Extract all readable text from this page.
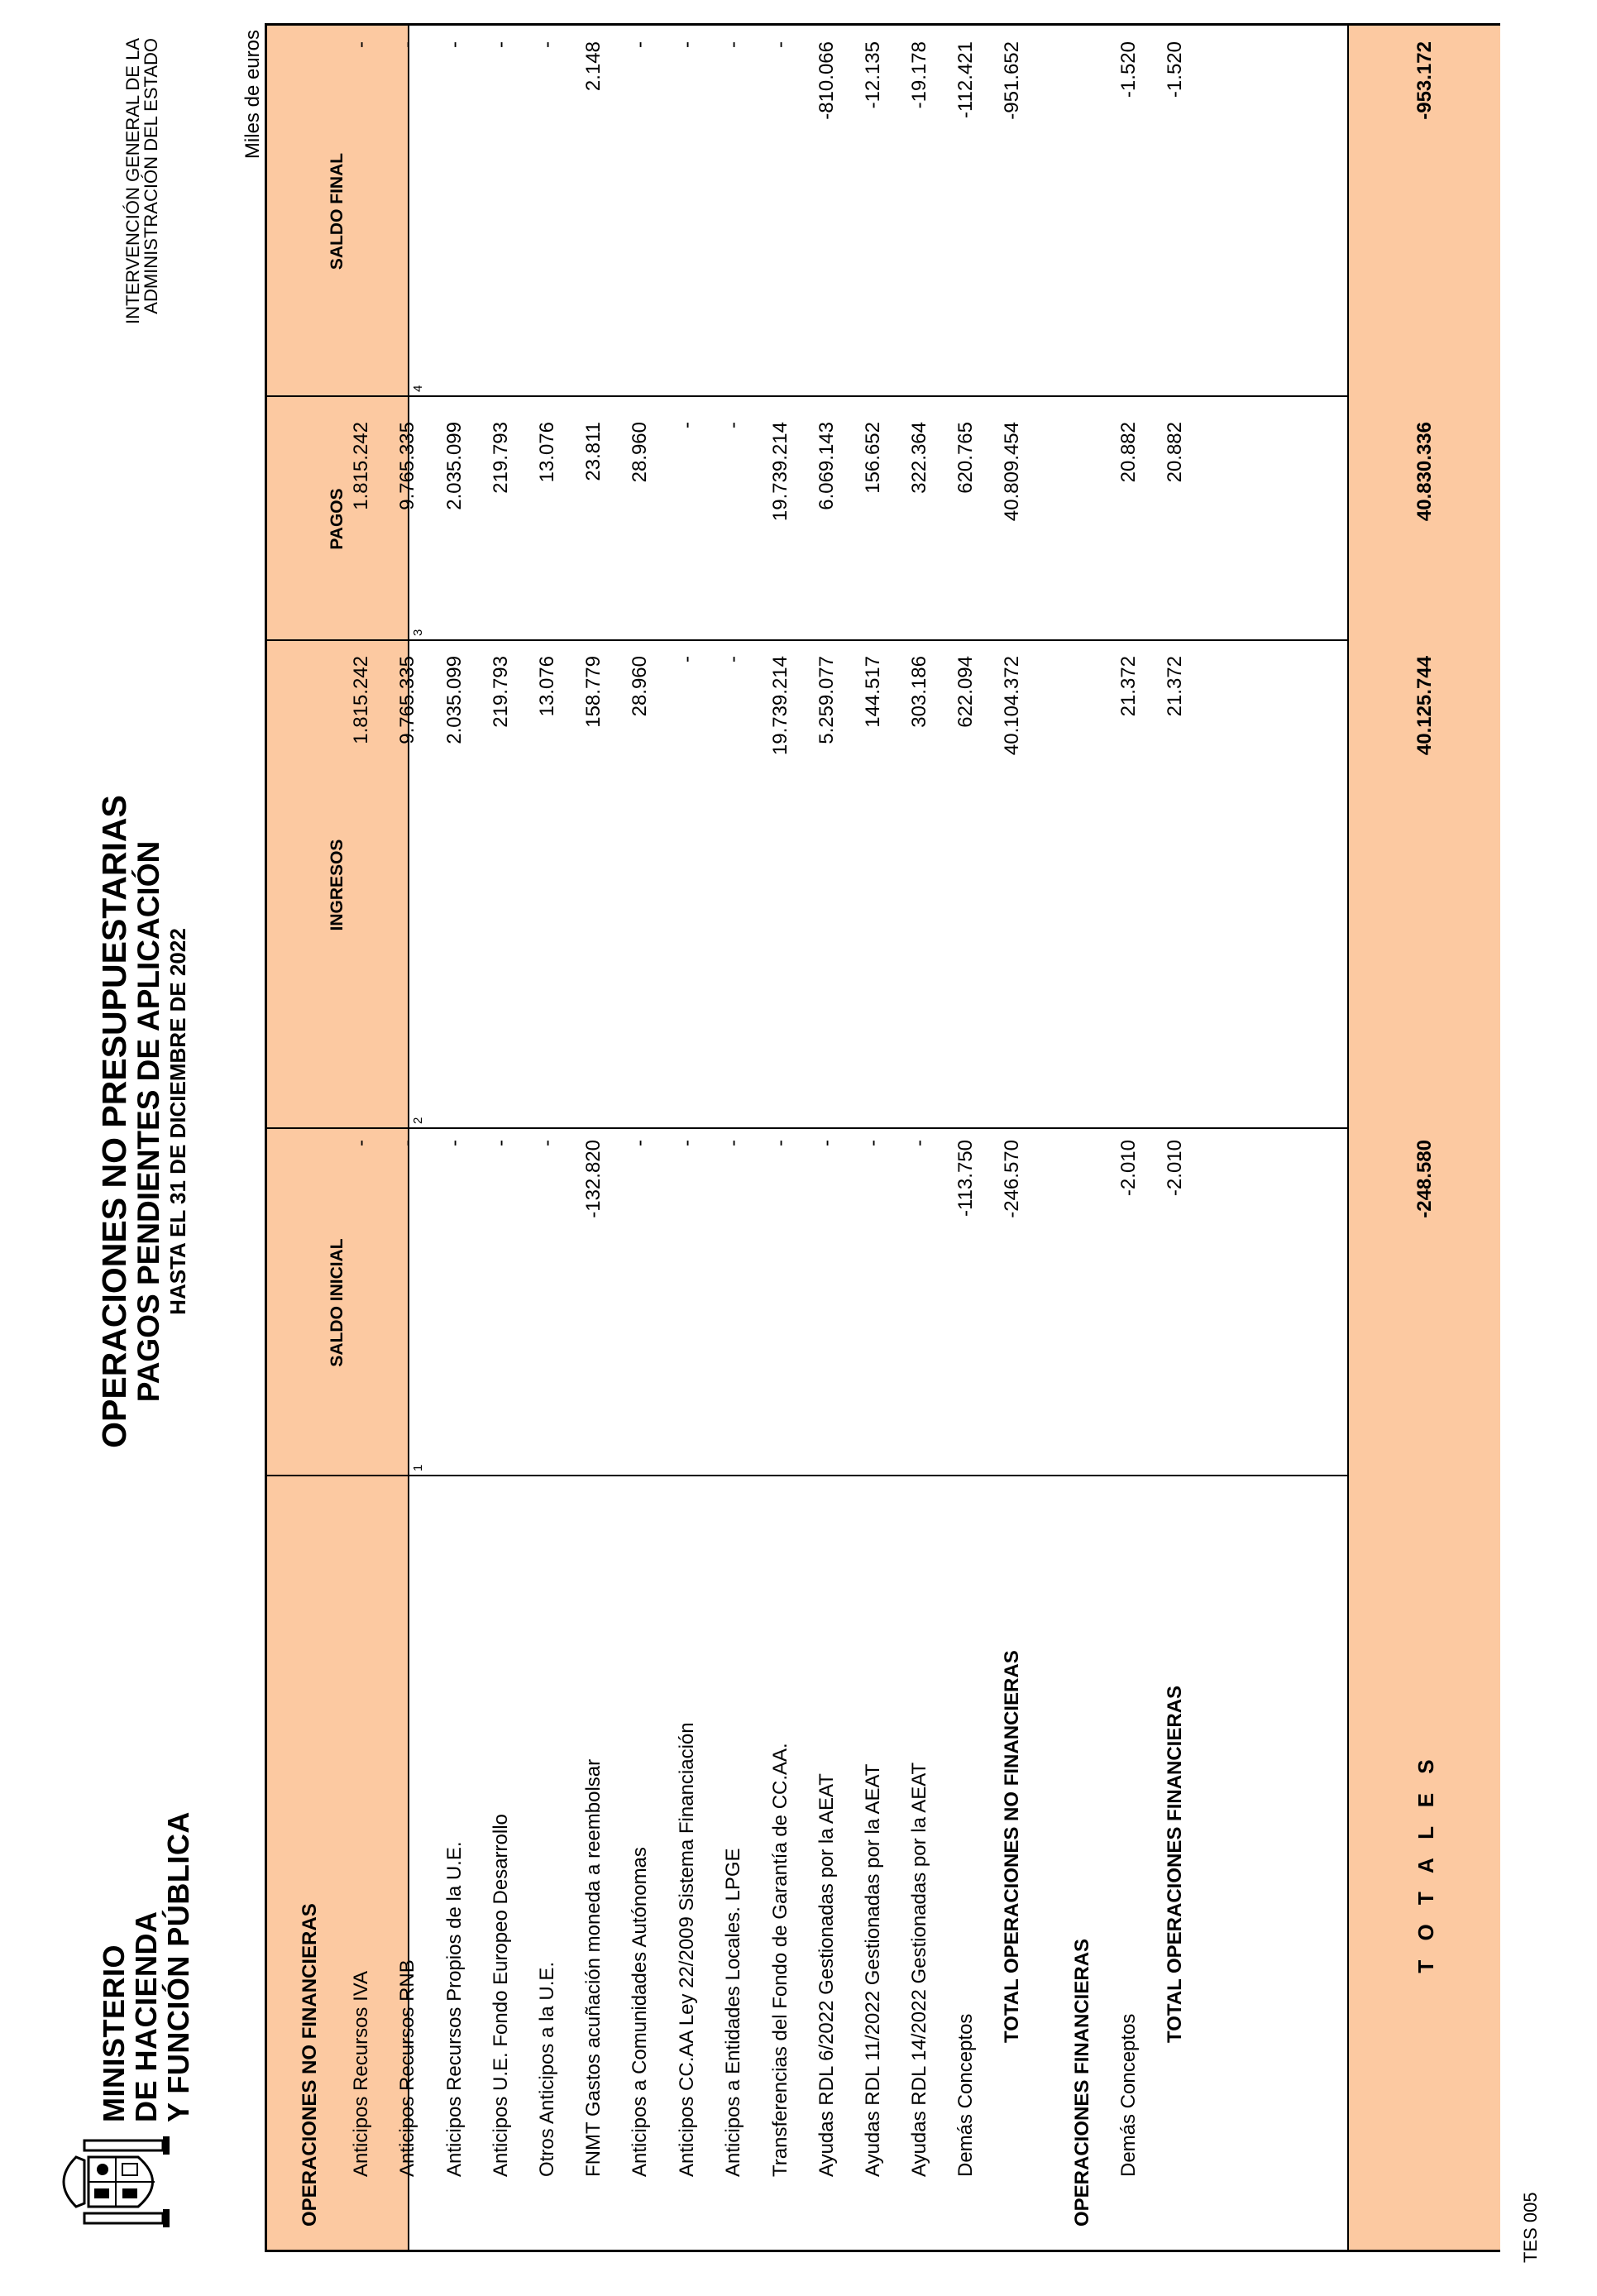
MINISTERIO
DE HACIENDA
Y FUNCIÓN PÚBLICA
OPERACIONES NO PRESUPUESTARIAS
PAGOS PENDIENTES DE APLICACIÓN HASTA EL 31 DE DICIEMBRE DE 2022
INTERVENCIÓN GENERAL DE LA
ADMINISTRACIÓN DEL ESTADO	Miles de euros
SALDO INICIAL
INGRESOS
PAGOS
SALDO FINAL
1
2
3
4
OPERACIONES NO FINANCIERAS Anticipos Recursos IVA
-
1.815.242
1.815.242
-
Anticipos Recursos RNB
-
9.765.335
9.765.335
-
Anticipos Recursos Propios de la U.E.
-
2.035.099
2.035.099
-
Anticipos U.E. Fondo Europeo Desarrollo
-
219.793
219.793
-
Otros Anticipos a la U.E.
-
13.076
13.076
-
FNMT Gastos acuñación moneda a reembolsar
-132.820
158.779
23.811
2.148
Anticipos a Comunidades Autónomas
-
28.960
28.960
-
Anticipos CC.AA Ley 22/2009 Sistema Financiación
-
-
-
-
Anticipos a Entidades Locales. LPGE
-
-
-
-
Transferencias del Fondo de Garantía de CC.AA.
-
19.739.214
19.739.214
-
Ayudas RDL 6/2022 Gestionadas por la AEAT
-
5.259.077
6.069.143
-810.066
Ayudas RDL 11/2022 Gestionadas por la AEAT
-
144.517
156.652
-12.135
Ayudas RDL 14/2022 Gestionadas por la AEAT
-
303.186
322.364
-19.178
Demás Conceptos
-113.750
622.094
620.765
-112.421
TOTAL OPERACIONES NO FINANCIERAS
-246.570
40.104.372
40.809.454
-951.652
OPERACIONES FINANCIERAS Demás Conceptos
-2.010
21.372
20.882
-1.520
TOTAL OPERACIONES FINANCIERAS
-2.010
21.372
20.882
-1.520
T O T A L E S
-248.580
40.125.744
40.830.336
-953.172
TES 005
